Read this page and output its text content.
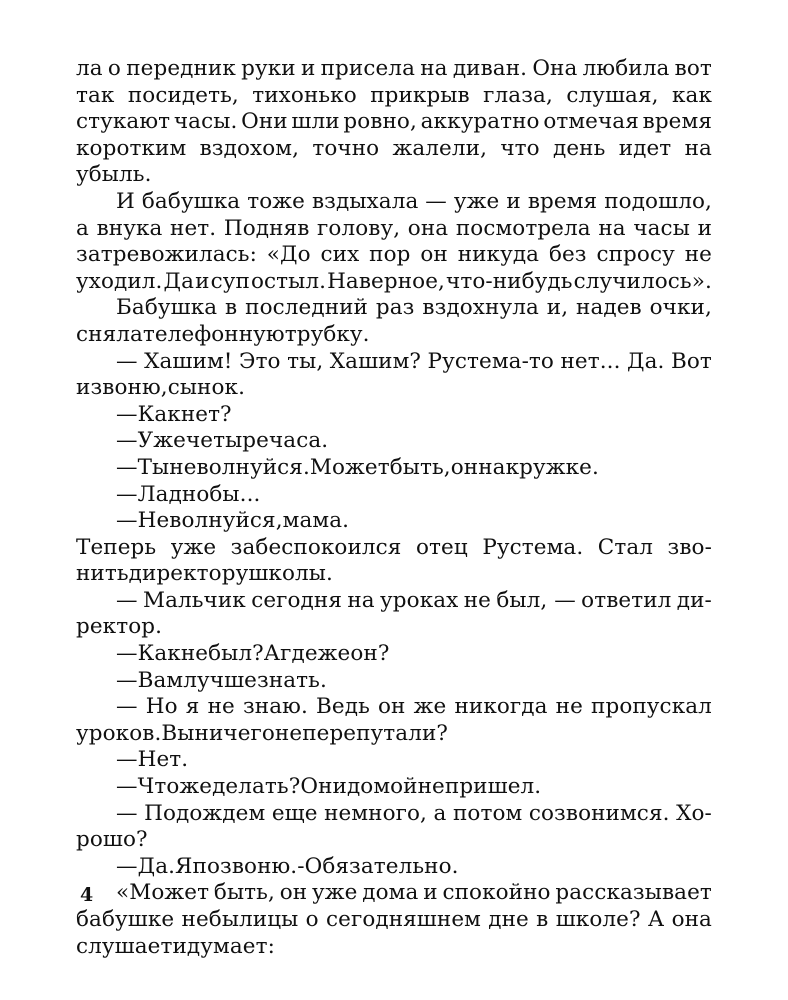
ла о передник руки и присела на диван. Она любила вот
так посидеть, тихонько прикрыв глаза, слушая, как
стукают часы. Они шли ровно, аккуратно отмечая время
коротким вздохом, точно жалели, что день идет на
убыль.
И бабушка тоже вздыхала — уже и время подошло,
а внука нет. Подняв голову, она посмотрела на часы и
затревожилась: «До сих пор он никуда без спросу не
уходил. Да и суп остыл. Наверное, что-нибудь случилось».
Бабушка в последний раз вздохнула и, надев очки,
сняла телефонную трубку.
— Хашим! Это ты, Хашим? Рустема-то нет... Да. Вот
и звоню, сынок.
— Как нет?
— Уже четыре часа.
— Ты не волнуйся. Может быть, он на кружке.
— Ладно бы...
— Не волнуйся, мама.
Теперь уже забеспокоился отец Рустема. Стал зво-
нить директору школы.
— Мальчик сегодня на уроках не был, — ответил ди-
ректор.
— Как не был? А где же он?
— Вам лучше знать.
— Но я не знаю. Ведь он же никогда не пропускал
уроков. Вы ничего не перепутали?
— Нет.
— Что же делать? Он и домой не пришел.
— Подождем еще немного, а потом созвонимся. Хо-
рошо?
— Да. Я позвоню.- Обязательно.
«Может быть, он уже дома и спокойно рассказывает
бабушке небылицы о сегодняшнем дне в школе? А она
слушает и думает:
4
